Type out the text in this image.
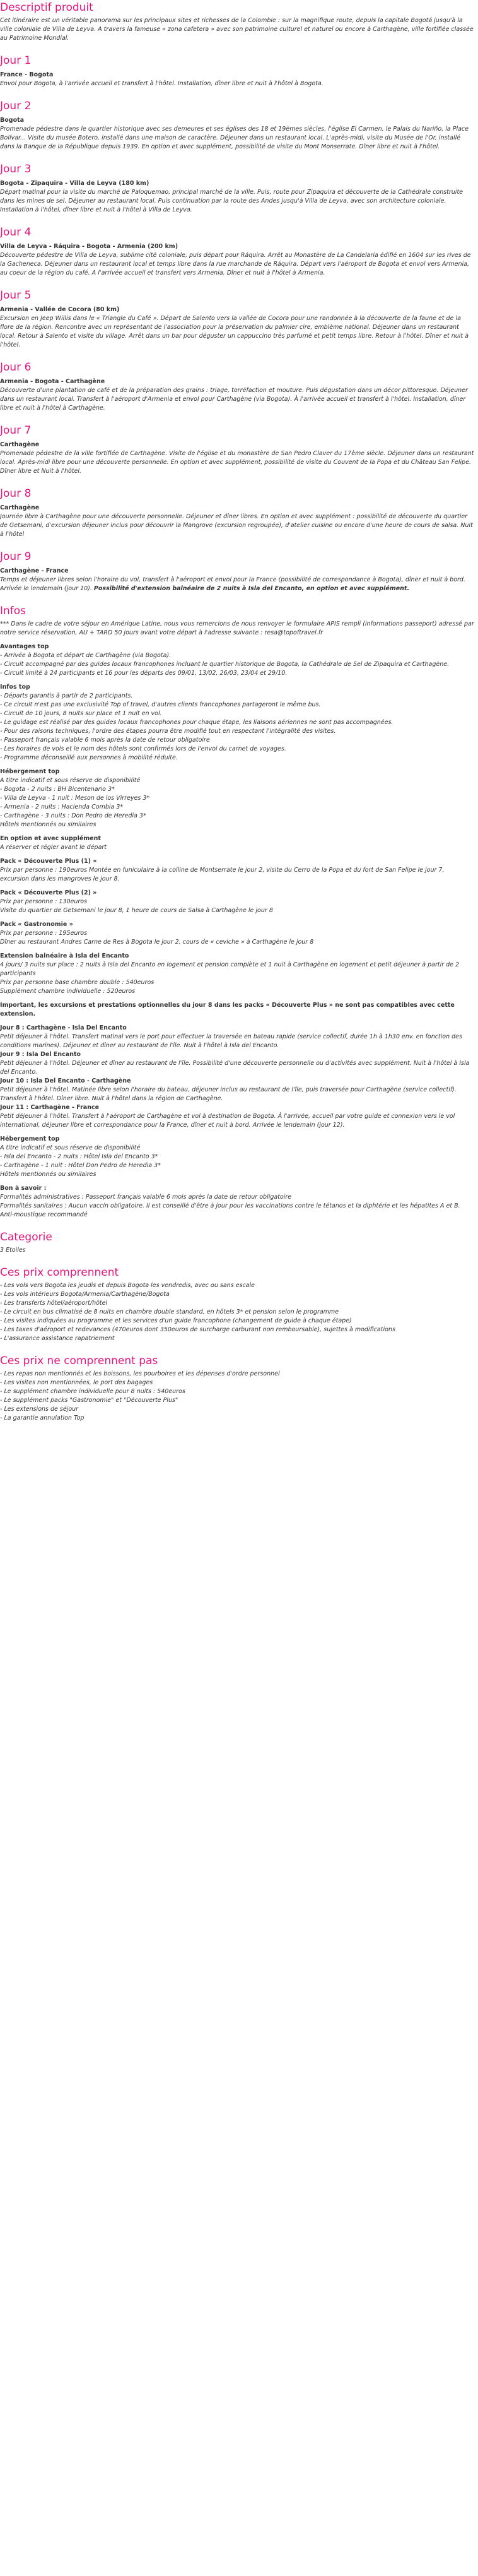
Descriptif produit

Cet itinéraire est un véritable panorama sur les principaux sites et richesses de la Colombie : sur la magnifique route, depuis la capitale Bogotá jusqu'à la ville coloniale de Villa de Leyva. A travers la fameuse « zona cafetera » avec son patrimoine culturel et naturel ou encore à Carthagène, ville fortifiée classée au Patrimoine Mondial.

Jour 1

France - Bogota

Envol pour Bogota, à l'arrivée accueil et transfert à l'hôtel. Installation, dîner libre et nuit à l'hôtel à Bogota.

Jour 2

Bogota

Promenade pédestre dans le quartier historique avec ses demeures et ses églises des 18 et 19èmes siècles, l'église El Carmen, le Palais du Nariño, la Place Bolívar... Visite du musée Botero, installé dans une maison de caractère. Déjeuner dans un restaurant local. L'après-midi, visite du Musée de l'Or, installé dans la Banque de la République depuis 1939. En option et avec supplément, possibilité de visite du Mont Monserrate. Dîner libre et nuit à l'hôtel.

Jour 3

Bogota - Zipaquira - Villa de Leyva (180 km)

Départ matinal pour la visite du marché de Paloquemao, principal marché de la ville. Puis, route pour Zipaquira et découverte de la Cathédrale construite dans les mines de sel. Déjeuner au restaurant local. Puis continuation par la route des Andes jusqu'à Villa de Leyva, avec son architecture coloniale. Installation à l'hôtel, dîner libre et nuit à l'hôtel à Villa de Leyva.

Jour 4

Villa de Leyva - Ráquira - Bogota - Armenia (200 km)

Découverte pédestre de Villa de Leyva, sublime cité coloniale, puis départ pour Ráquira. Arrêt au Monastère de La Candelaria édifié en 1604 sur les rives de la Gacheneca. Déjeuner dans un restaurant local et temps libre dans la rue marchande de Ráquira. Départ vers l'aéroport de Bogota et envol vers Armenia, au coeur de la région du café. A l'arrivée accueil et transfert vers Armenia. Dîner et nuit à l'hôtel à Armenia.

Jour 5

Armenia - Vallée de Cocora (80 km)

Excursion en Jeep Willis dans le « Triangle du Café ». Départ de Salento vers la vallée de Cocora pour une randonnée à la découverte de la faune et de la flore de la région. Rencontre avec un représentant de l'association pour la préservation du palmier cire, emblème national. Déjeuner dans un restaurant local. Retour à Salento et visite du village. Arrêt dans un bar pour déguster un cappuccino très parfumé et petit temps libre. Retour à l'hôtel. Dîner et nuit à l'hôtel.

Jour 6

Armenia - Bogota - Carthagène

Découverte d'une plantation de café et de la préparation des grains : triage, torréfaction et mouture. Puis dégustation dans un décor pittoresque. Déjeuner dans un restaurant local. Transfert à l'aéroport d'Armenia et envol pour Carthagène (via Bogota). À l'arrivée accueil et transfert à l'hôtel. Installation, dîner libre et nuit à l'hôtel à Carthagène.

Jour 7

Carthagène

Promenade pédestre de la ville fortifiée de Carthagène. Visite de l'église et du monastère de San Pedro Claver du 17ème siècle. Déjeuner dans un restaurant local. Après-midi libre pour une découverte personnelle. En option et avec supplément, possibilité de visite du Couvent de la Popa et du Château San Felipe. Dîner libre et Nuit à l'hôtel.

Jour 8

Carthagène

Journée libre à Carthagène pour une découverte personnelle. Déjeuner et dîner libres. En option et avec supplément : possibilité de découverte du quartier de Getsemani, d'excursion déjeuner inclus pour découvrir la Mangrove (excursion regroupée), d'atelier cuisine ou encore d'une heure de cours de salsa. Nuit à l'hôtel

Jour 9

Carthagène - France

Temps et déjeuner libres selon l'horaire du vol, transfert à l'aéroport et envol pour la France (possibilité de correspondance à Bogota), dîner et nuit à bord. Arrivée le lendemain (jour 10). Possibilité d'extension balnéaire de 2 nuits à Isla del Encanto, en option et avec supplément.

Infos

*** Dans le cadre de votre séjour en Amérique Latine, nous vous remercions de nous renvoyer le formulaire APIS rempli (informations passeport) adressé par notre service réservation, AU + TARD 50 jours avant votre départ à l'adresse suivante : resa@topoftravel.fr

Avantages top

- Arrivée à Bogota et départ de Carthagène (via Bogota).
- Circuit accompagné par des guides locaux francophones incluant le quartier historique de Bogota, la Cathédrale de Sel de Zipaquira et Carthagène.
- Circuit limité à 24 participants et 16 pour les départs des 09/01, 13/02, 26/03, 23/04 et 29/10.

Infos top

- Départs garantis à partir de 2 participants.
- Ce circuit n'est pas une exclusivité Top of travel, d'autres clients francophones partageront le même bus.
- Circuit de 10 jours, 8 nuits sur place et 1 nuit en vol.
- Le guidage est réalisé par des guides locaux francophones pour chaque étape, les liaisons aériennes ne sont pas accompagnées.
- Pour des raisons techniques, l'ordre des étapes pourra être modifié tout en respectant l'intégralité des visites.
- Passeport français valable 6 mois après la date de retour obligatoire
- Les horaires de vols et le nom des hôtels sont confirmés lors de l'envoi du carnet de voyages.
- Programme déconseillé aux personnes à mobilité réduite.

Hébergement top

A titre indicatif et sous réserve de disponibilité

- Bogota - 2 nuits : BH Bicentenario 3*
- Villa de Leyva - 1 nuit : Meson de los Virreyes 3*
- Armenia - 2 nuits : Hacienda Combia 3*
- Carthagène - 3 nuits : Don Pedro de Heredia 3*

Hôtels mentionnés ou similaires

En option et avec supplément

A réserver et régler avant le départ

Pack « Découverte Plus (1) »

Prix par personne : 190euros Montée en funiculaire à la colline de Montserrate le jour 2, visite du Cerro de la Popa et du fort de San Felipe le jour 7, excursion dans les mangroves le jour 8.

Pack « Découverte Plus (2) »

Prix par personne : 130euros

Visite du quartier de Getsemani le jour 8, 1 heure de cours de Salsa à Carthagène le jour 8

Pack « Gastronomie »

Prix par personne : 195euros

Dîner au restaurant Andres Carne de Res à Bogota le jour 2, cours de « ceviche » à Carthagène le jour 8

Extension balnéaire à Isla del Encanto

4 jours/ 3 nuits sur place : 2 nuits à Isla del Encanto en logement et pension complète et 1 nuit à Carthagène en logement et petit déjeuner à partir de 2 participants

Prix par personne base chambre double : 540euros

Supplément chambre individuelle : 520euros

Important, les excursions et prestations optionnelles du jour 8 dans les packs « Découverte Plus » ne sont pas compatibles avec cette extension.

Jour 8 : Carthagène - Isla Del Encanto

Petit déjeuner à l'hôtel. Transfert matinal vers le port pour effectuer la traversée en bateau rapide (service collectif, durée 1h à 1h30 env. en fonction des conditions marines). Déjeuner et dîner au restaurant de l'île. Nuit à l'hôtel à Isla del Encanto.

Jour 9 : Isla Del Encanto

Petit déjeuner à l'hôtel. Déjeuner et dîner au restaurant de l'île. Possibilité d'une découverte personnelle ou d'activités avec supplément. Nuit à l'hôtel à Isla del Encanto.

Jour 10 : Isla Del Encanto - Carthagène

Petit déjeuner à l'hôtel. Matinée libre selon l'horaire du bateau, déjeuner inclus au restaurant de l'île, puis traversée pour Carthagène (service collectif). Transfert à l'hôtel. Dîner libre. Nuit à l'hôtel dans la région de Carthagène.

Jour 11 : Carthagène - France

Petit déjeuner à l'hôtel. Transfert à l'aéroport de Carthagène et vol à destination de Bogota. À l'arrivée, accueil par votre guide et connexion vers le vol international, déjeuner libre et correspondance pour la France, dîner et nuit à bord. Arrivée le lendemain (jour 12).

Hébergement top

A titre indicatif et sous réserve de disponibilité

- Isla del Encanto - 2 nuits : Hôtel Isla del Encanto 3*
- Carthagène - 1 nuit : Hôtel Don Pedro de Heredia 3*

Hôtels mentionnés ou similaires

Bon à savoir :

Formalités administratives : Passeport français valable 6 mois après la date de retour obligatoire

Formalités sanitaires : Aucun vaccin obligatoire. Il est conseillé d'être à jour pour les vaccinations contre le tétanos et la diphtérie et les hépatites A et B. Anti-moustique recommandé

Categorie

3 Etoiles

Ces prix comprennent
- Les vols vers Bogota les jeudis et depuis Bogota les vendredis, avec ou sans escale
- Les vols intérieurs Bogota/Armenia/Carthagène/Bogota
- Les transferts hôtel/aéroport/hôtel
- Le circuit en bus climatisé de 8 nuits en chambre double standard, en hôtels 3* et pension selon le programme
- Les visites indiquées au programme et les services d'un guide francophone (changement de guide à chaque étape)
- Les taxes d'aéroport et redevances (470euros dont 350euros de surcharge carburant non remboursable), sujettes à modifications
- L'assurance assistance rapatriement
Ces prix ne comprennent pas
- Les repas non mentionnés et les boissons, les pourboires et les dépenses d'ordre personnel
- Les visites non mentionnées, le port des bagages
- Le supplément chambre individuelle pour 8 nuits : 540euros
- Le supplément packs "Gastronomie" et "Découverte Plus"
- Les extensions de séjour
- La garantie annulation Top
